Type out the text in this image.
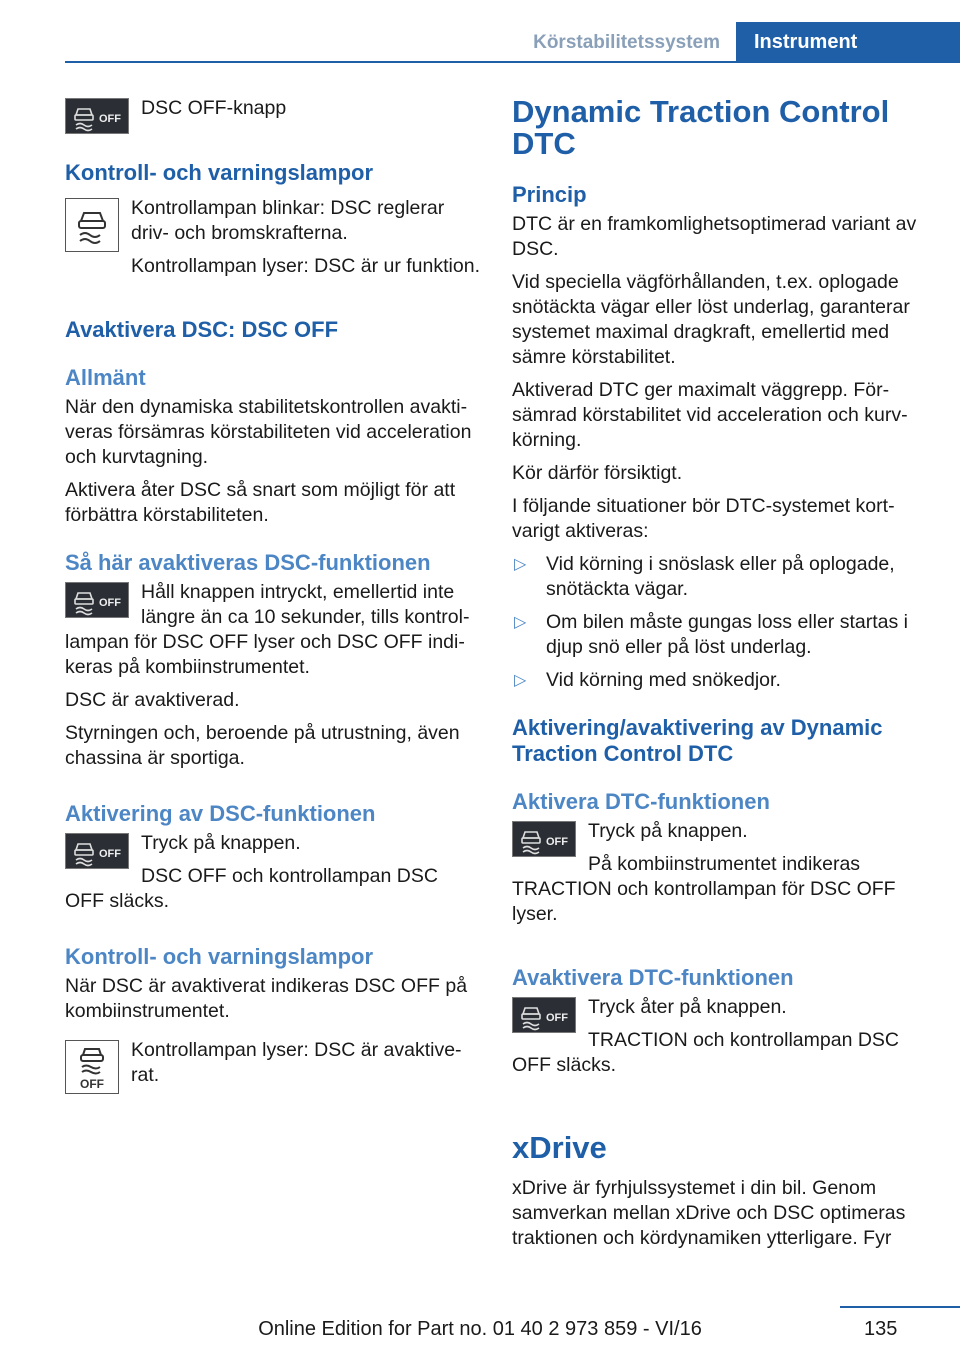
Körstabilitetssystem	Instrument
OFF	DSC OFF-knapp

Kontroll- och varningslampor

Kontrollampan blinkar: DSC reglerar driv- och bromskrafterna.

Kontrollampan lyser: DSC är ur funktion.

Avaktivera DSC: DSC OFF
Allmänt

När den dynamiska stabilitetskontrollen avaktiveras försämras körstabiliteten vid acceleration och kurvtagning.

Aktivera åter DSC så snart som möjligt för att förbättra körstabiliteten.

Så här avaktiveras DSC-funktionen
OFF	Håll knappen intryckt, emellertid inte längre än ca 10 sekunder, tills kontrollampan för DSC OFF lyser och DSC OFF indikeras på kombiinstrumentet.

DSC är avaktiverad.

Styrningen och, beroende på utrustning, även chassina är sportiga.

Aktivering av DSC-funktionen
OFF	Tryck på knappen.

DSC OFF och kontrollampan DSC OFF släcks.

Kontroll- och varningslampor

När DSC är avaktiverat indikeras DSC OFF på kombiinstrumentet.

OFF

Kontrollampan lyser: DSC är avaktiverat.

Dynamic Traction Control DTC
Princip

DTC är en framkomlighetsoptimerad variant av DSC.

Vid speciella vägförhållanden, t.ex. oplogade snötäckta vägar eller löst underlag, garanterar systemet maximal dragkraft, emellertid med sämre körstabilitet.

Aktiverad DTC ger maximalt väggrepp. Försämrad körstabilitet vid acceleration och kurvkörning.

Kör därför försiktigt.

I följande situationer bör DTC-systemet kortvarigt aktiveras:

▷ Vid körning i snöslask eller på oplogade, snötäckta vägar.
▷ Om bilen måste gungas loss eller startas i djup snö eller på löst underlag.
▷ Vid körning med snökedjor.
Aktivering/avaktivering av Dynamic Traction Control DTC
Aktivera DTC-funktionen
OFF	Tryck på knappen.

På kombiinstrumentet indikeras TRACTION och kontrollampan för DSC OFF lyser.

Avaktivera DTC-funktionen
OFF	Tryck åter på knappen.

TRACTION och kontrollampan DSC OFF släcks.

xDrive

xDrive är fyrhjulssystemet i din bil. Genom samverkan mellan xDrive och DSC optimeras traktionen och kördynamiken ytterligare. Fyr

135
Online Edition for Part no. 01 40 2 973 859 - VI/16
